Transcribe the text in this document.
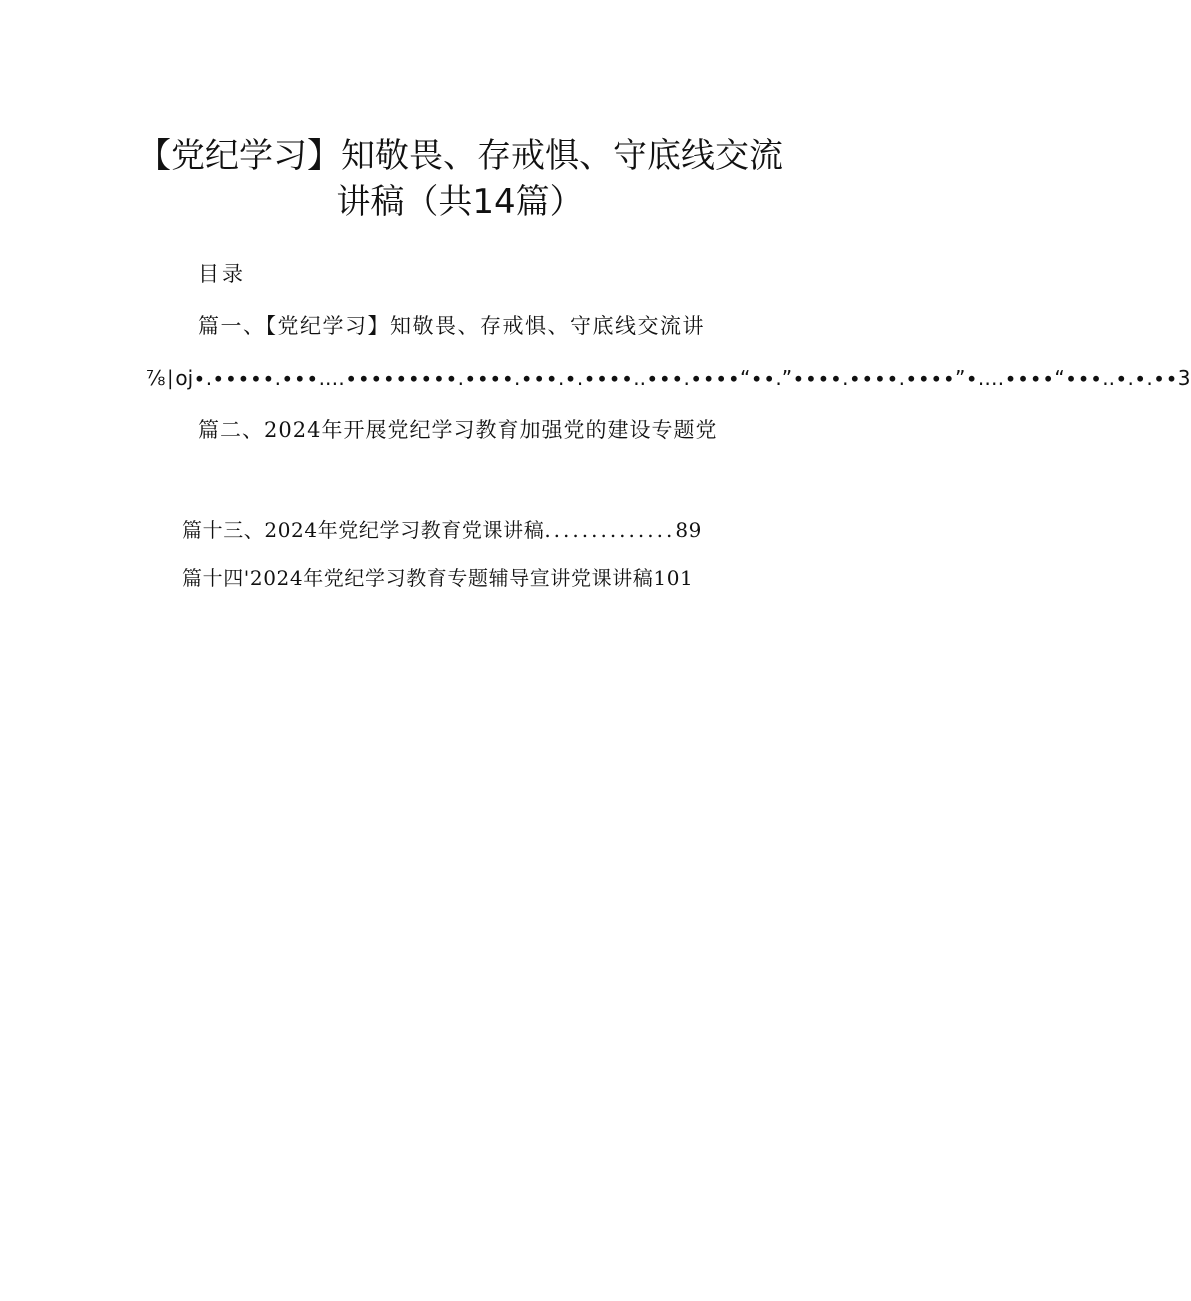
【党纪学习】知敬畏、存戒惧、守底线交流
讲稿（共14篇）
目录
篇一、【党纪学习】知敬畏、存戒惧、守底线交流讲
⅞∣oj∙.∙∙∙∙∙.∙∙∙.…∙∙∙∙∙∙∙∙∙.∙∙∙∙.∙∙∙.∙.∙∙∙∙..∙∙∙.∙∙∙∙“∙∙.”∙∙∙∙.∙∙∙∙.∙∙∙∙”∙.…∙∙∙∙“∙∙∙..∙.∙.∙∙3
篇二、2024年开展党纪学习教育加强党的建设专题党
篇十三、2024年党纪学习教育党课讲稿..............89
篇十四'2024年党纪学习教育专题辅导宣讲党课讲稿101
